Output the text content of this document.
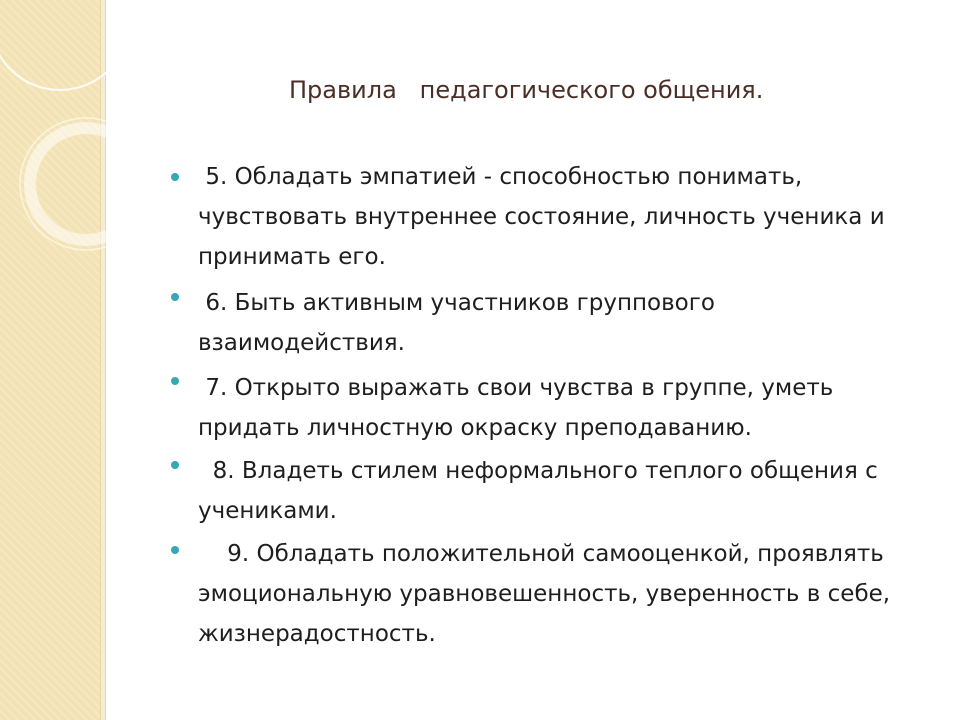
Правила   педагогического общения.
5. Обладать эмпатией - способностью понимать, чувствовать внутреннее состояние, личность ученика и принимать его.
6. Быть активным участников группового взаимодействия.
7. Открыто выражать свои чувства в группе, уметь придать личностную окраску преподаванию.
8. Владеть стилем неформального теплого общения с учениками.
9. Обладать положительной самооценкой, проявлять эмоциональную уравновешенность, уверенность в себе, жизнерадостность.
